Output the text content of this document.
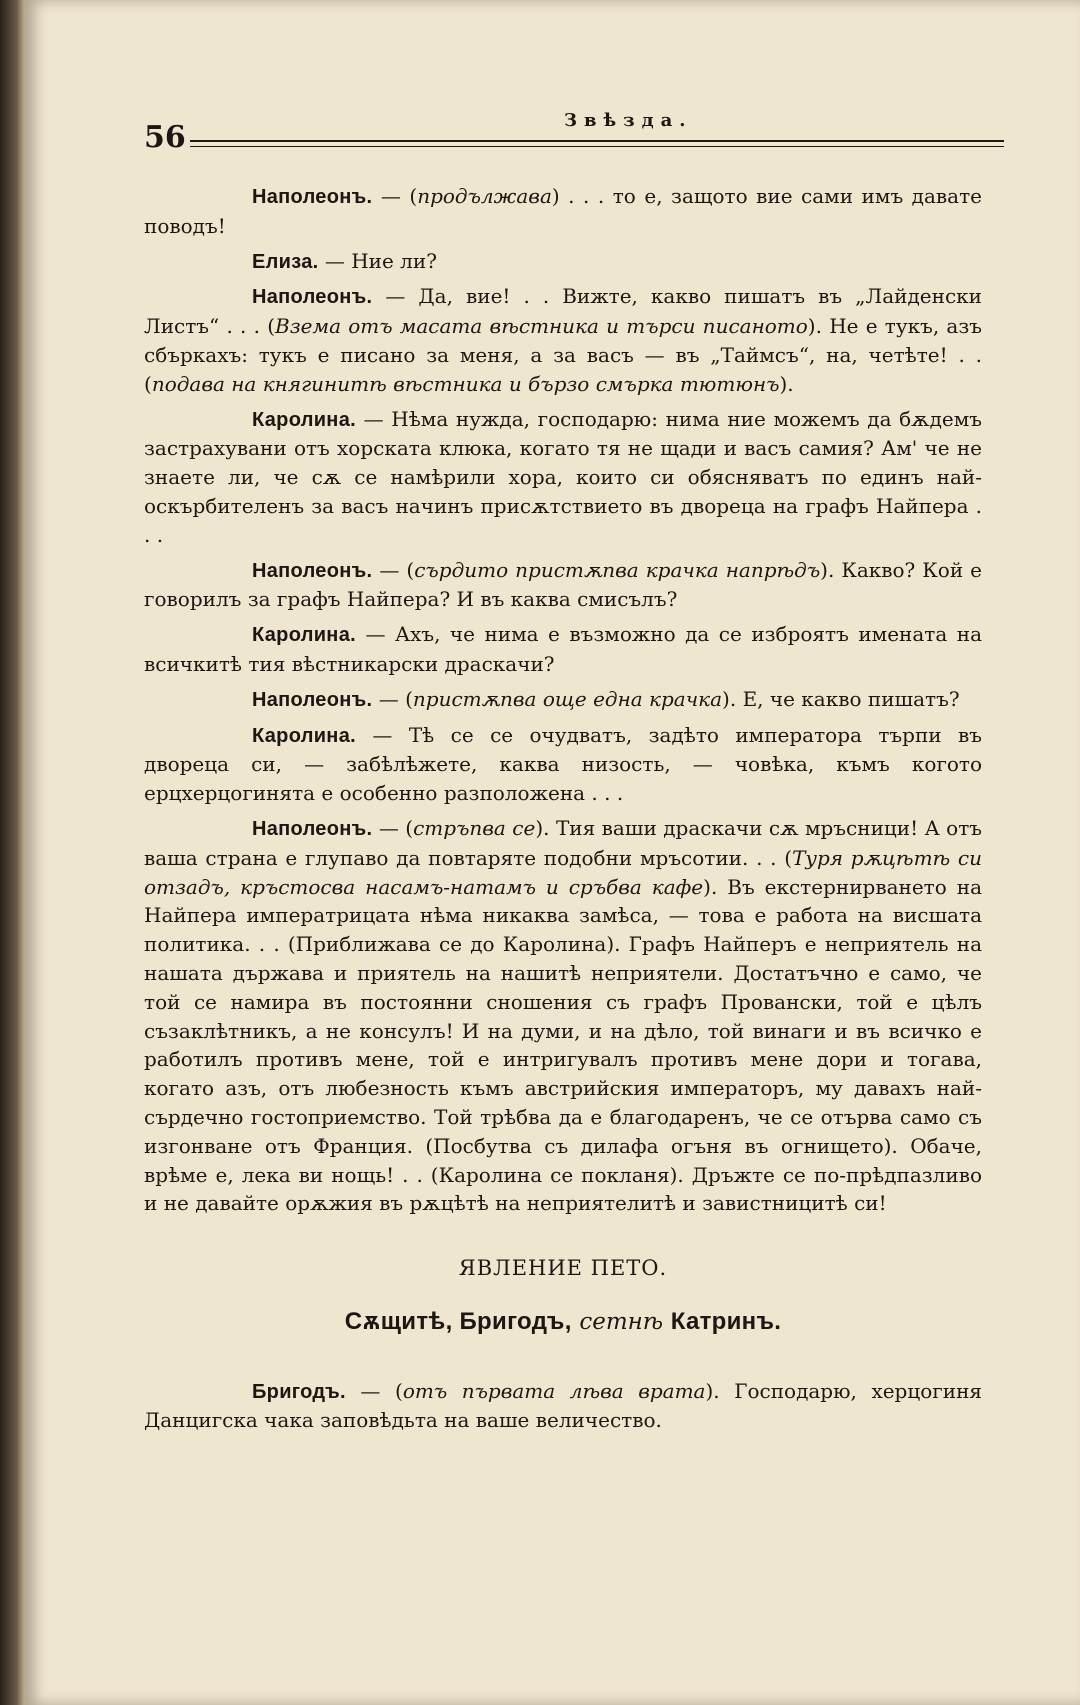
56	Звѣзда.

Наполеонъ. — (продължава) . . . то е, защото вие сами имъ давате поводъ!

Елиза. — Ние ли?

Наполеонъ. — Да, вие! . . Вижте, какво пишатъ въ „Лайденски Листъ“ . . . (Взема отъ масата вѣстника и търси писаното). Не е тукъ, азъ сбъркахъ: тукъ е писано за меня, а за васъ — въ „Таймсъ“, на, четѣте! . . (подава на княгинитѣ вѣстника и бързо смърка тютюнъ).

Каролина. — Нѣма нужда, господарю: нима ние можемъ да бѫдемъ застрахувани отъ хорската клюка, когато тя не щади и васъ самия? Ам' че не знаете ли, че сѫ се намѣрили хора, които си обясняватъ по единъ най-оскърбителенъ за васъ начинъ присѫтствието въ двореца на графъ Найпера . . .

Наполеонъ. — (сърдито пристѫпва крачка напрѣдъ). Какво? Кой е говорилъ за графъ Найпера? И въ каква смисълъ?

Каролина. — Ахъ, че нима е възможно да се изброятъ имената на всичкитѣ тия вѣстникарски драскачи?

Наполеонъ. — (пристѫпва още една крачка). Е, че какво пишатъ?

Каролина. — Тѣ се се очудватъ, задѣто императора търпи въ двореца си, — забѣлѣжете, каква низость, — човѣка, къмъ когото ерцхерцогинята е особенно разположена . . .

Наполеонъ. — (стръпва се). Тия ваши драскачи сѫ мръсници! А отъ ваша страна е глупаво да повтаряте подобни мръсотии. . . (Туря рѫцѣтѣ си отзадъ, кръстосва насамъ-натамъ и сръбва кафе). Въ екстернирването на Найпера императрицата нѣма никаква замѣса, — това е работа на висшата политика. . . (Приближава се до Каролина). Графъ Найперъ е неприятель на нашата държава и приятель на нашитѣ неприятели. Достатъчно е само, че той се намира въ постоянни сношения съ графъ Провански, той е цѣлъ съзаклѣтникъ, а не консулъ! И на думи, и на дѣло, той винаги и въ всичко е работилъ противъ мене, той е интригувалъ противъ мене дори и тогава, когато азъ, отъ любезность къмъ австрийския императоръ, му давахъ най-сърдечно гостоприемство. Той трѣбва да е благодаренъ, че се отърва само съ изгонване отъ Франция. (Посбутва съ дилафа огъня въ огнището). Обаче, врѣме е, лека ви нощь! . . (Каролина се покланя). Дръжте се по-прѣдпазливо и не давайте орѫжия въ рѫцѣтѣ на неприятелитѣ и завистницитѣ си!

ЯВЛЕНИЕ ПЕТО.

Сѫщитѣ, Бригодъ, сетнѣ Катринъ.

Бригодъ. — (отъ първата лѣва врата). Господарю, херцогиня Данцигска чака заповѣдьта на ваше величество.
